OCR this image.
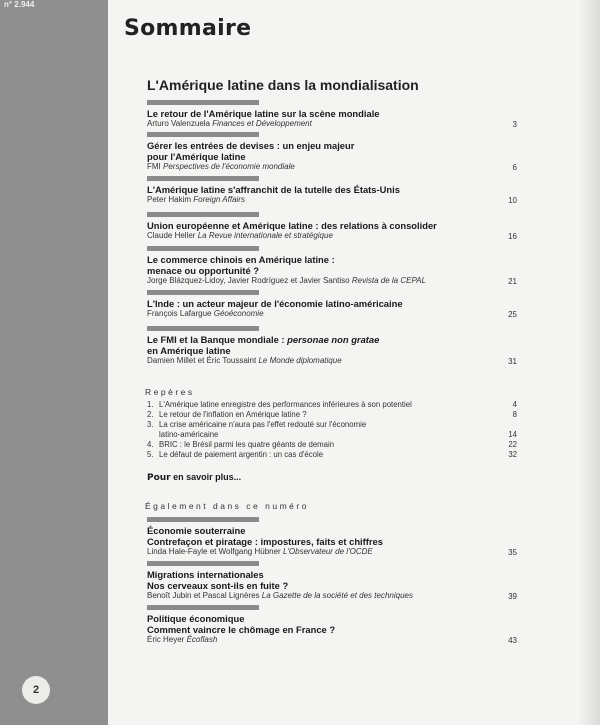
n° 2.944
2
Sommaire
L'Amérique latine dans la mondialisation
Le retour de l'Amérique latine sur la scène mondiale
Arturo Valenzuela Finances et Développement	3
Gérer les entrées de devises : un enjeu majeur
pour l'Amérique latine
FMI Perspectives de l'économie mondiale	6
L'Amérique latine s'affranchit de la tutelle des États-Unis
Peter Hakim Foreign Affairs	10
Union européenne et Amérique latine : des relations à consolider
Claude Heller La Revue internationale et stratégique	16
Le commerce chinois en Amérique latine :
menace ou opportunité ?
Jorge Blázquez-Lidoy, Javier Rodríguez et Javier Santiso Revista de la CEPAL	21
L'Inde : un acteur majeur de l'économie latino-américaine
François Lafargue Géoéconomie	25
Le FMI et la Banque mondiale : personae non gratae
en Amérique latine
Damien Millet et Éric Toussaint Le Monde diplomatique	31
Repères
1. L'Amérique latine enregistre des performances inférieures à son potentiel	4
2. Le retour de l'inflation en Amérique latine ?	8
3. La crise américaine n'aura pas l'effet redouté sur l'économie
latino-américaine	14
4. BRIC : le Brésil parmi les quatre géants de demain	22
5. Le défaut de paiement argentin : un cas d'école	32
Pour en savoir plus...
Également dans ce numéro
Économie souterraine
Contrefaçon et piratage : impostures, faits et chiffres
Linda Hale-Fayle et Wolfgang Hübner L'Observateur de l'OCDE	35
Migrations internationales
Nos cerveaux sont-ils en fuite ?
Benoît Jubin et Pascal Lignères La Gazette de la société et des techniques	39
Politique économique
Comment vaincre le chômage en France ?
Éric Heyer Écoflash	43
